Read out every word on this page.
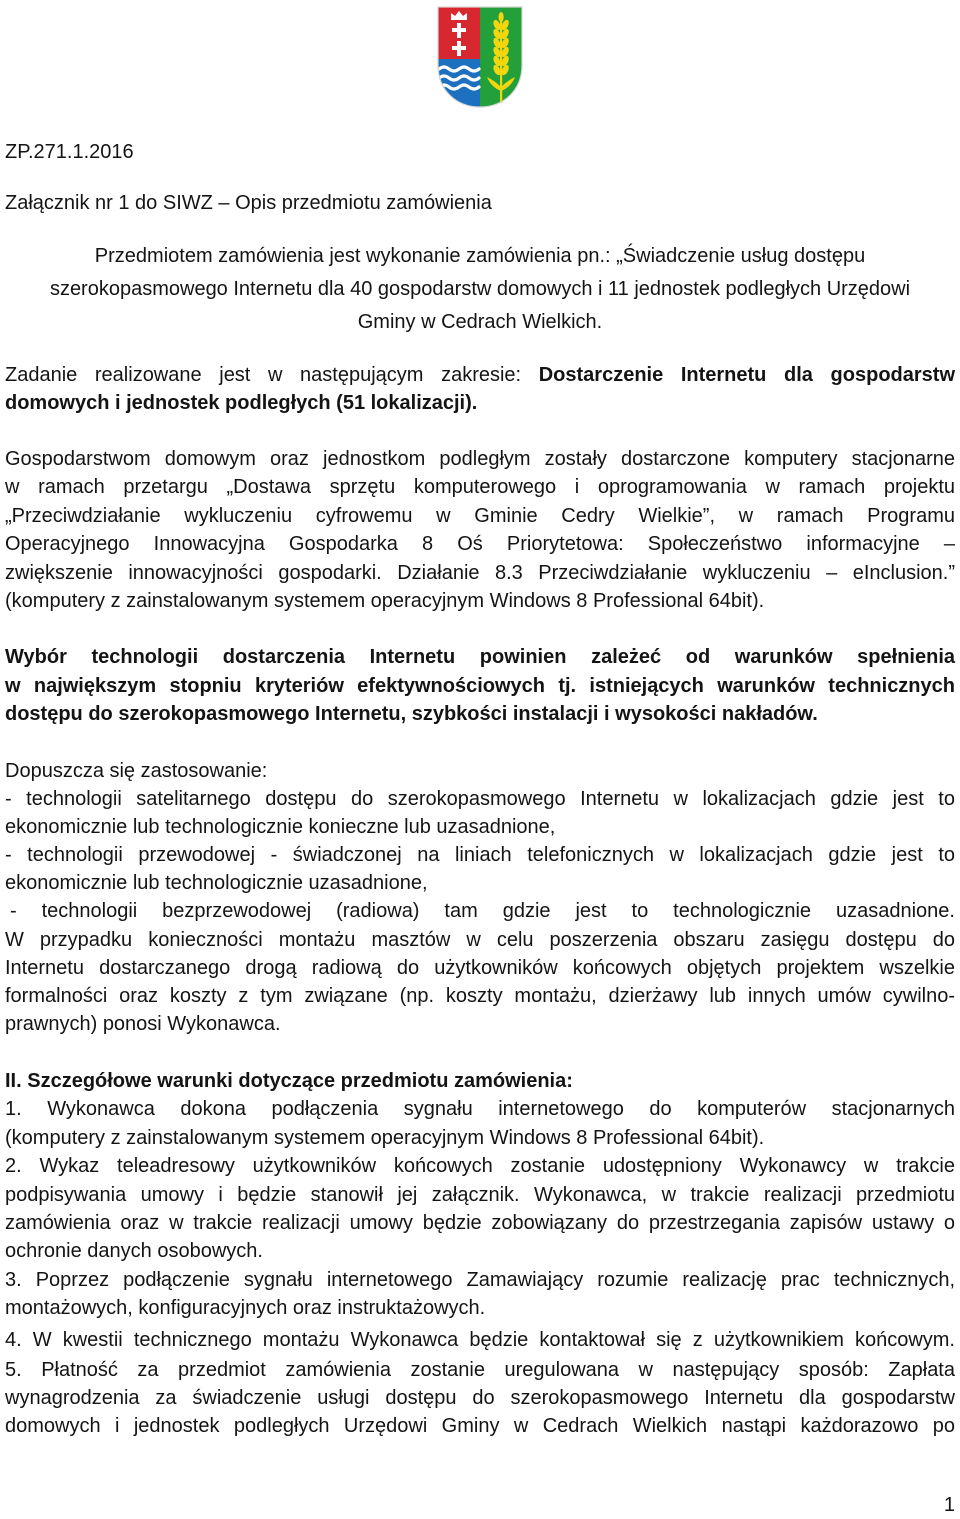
ZP.271.1.2016
Załącznik nr 1 do SIWZ – Opis przedmiotu zamówienia
Przedmiotem zamówienia jest wykonanie zamówienia pn.: „Świadczenie usług dostępu
szerokopasmowego Internetu dla 40 gospodarstw domowych i 11 jednostek podległych Urzędowi
Gminy w Cedrach Wielkich.
Zadanie realizowane jest w następującym zakresie: Dostarczenie Internetu dla gospodarstw
domowych i jednostek podległych (51 lokalizacji).
Gospodarstwom domowym oraz jednostkom podległym zostały dostarczone komputery stacjonarne
w ramach przetargu „Dostawa sprzętu komputerowego i oprogramowania w ramach projektu
„Przeciwdziałanie wykluczeniu cyfrowemu w Gminie Cedry Wielkie”, w ramach Programu
Operacyjnego Innowacyjna Gospodarka 8 Oś Priorytetowa: Społeczeństwo informacyjne –
zwiększenie innowacyjności gospodarki. Działanie 8.3 Przeciwdziałanie wykluczeniu – eInclusion.”
(komputery z zainstalowanym systemem operacyjnym Windows 8 Professional 64bit).
Wybór technologii dostarczenia Internetu powinien zależeć od warunków spełnienia
w największym stopniu kryteriów efektywnościowych tj. istniejących warunków technicznych
dostępu do szerokopasmowego Internetu, szybkości instalacji i wysokości nakładów.
Dopuszcza się zastosowanie:
- technologii satelitarnego dostępu do szerokopasmowego Internetu w lokalizacjach gdzie jest to
ekonomicznie lub technologicznie konieczne lub uzasadnione,
- technologii przewodowej - świadczonej na liniach telefonicznych w lokalizacjach gdzie jest to
ekonomicznie lub technologicznie uzasadnione,
- technologii bezprzewodowej (radiowa) tam gdzie jest to technologicznie uzasadnione.
W przypadku konieczności montażu masztów w celu poszerzenia obszaru zasięgu dostępu do
Internetu dostarczanego drogą radiową do użytkowników końcowych objętych projektem wszelkie
formalności oraz koszty z tym związane (np. koszty montażu, dzierżawy lub innych umów cywilno-
prawnych) ponosi Wykonawca.
II. Szczegółowe warunki dotyczące przedmiotu zamówienia:
1. Wykonawca dokona podłączenia sygnału internetowego do komputerów stacjonarnych
(komputery z zainstalowanym systemem operacyjnym Windows 8 Professional 64bit).
2. Wykaz teleadresowy użytkowników końcowych zostanie udostępniony Wykonawcy w trakcie
podpisywania umowy i będzie stanowił jej załącznik. Wykonawca, w trakcie realizacji przedmiotu
zamówienia oraz w trakcie realizacji umowy będzie zobowiązany do przestrzegania zapisów ustawy o
ochronie danych osobowych.
3. Poprzez podłączenie sygnału internetowego Zamawiający rozumie realizację prac technicznych,
montażowych, konfiguracyjnych oraz instruktażowych.
4. W kwestii technicznego montażu Wykonawca będzie kontaktował się z użytkownikiem końcowym.
5. Płatność za przedmiot zamówienia zostanie uregulowana w następujący sposób: Zapłata
wynagrodzenia za świadczenie usługi dostępu do szerokopasmowego Internetu dla gospodarstw
domowych i jednostek podległych Urzędowi Gminy w Cedrach Wielkich nastąpi każdorazowo po
1
